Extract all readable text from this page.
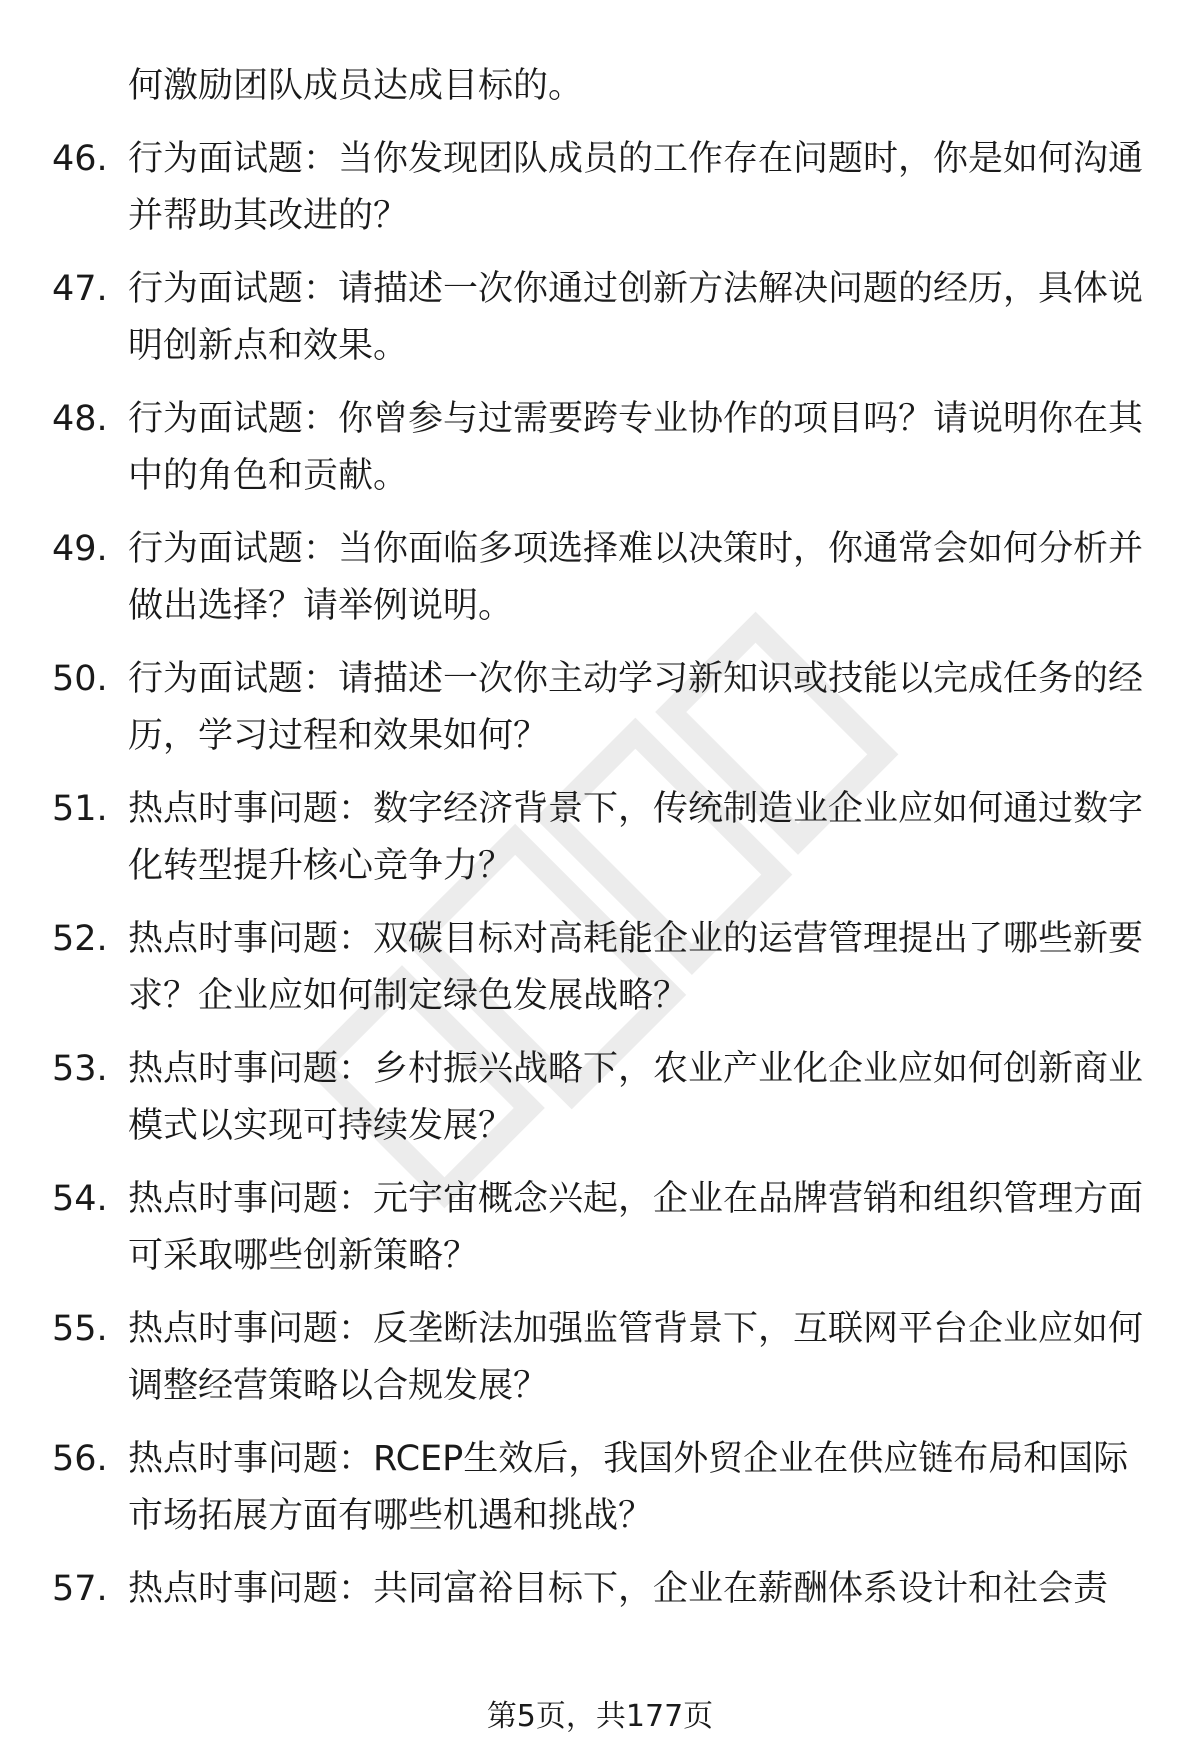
何激励团队成员达成目标的。
46. 行为面试题：当你发现团队成员的工作存在问题时，你是如何沟通并帮助其改进的？
47. 行为面试题：请描述一次你通过创新方法解决问题的经历，具体说明创新点和效果。
48. 行为面试题：你曾参与过需要跨专业协作的项目吗？请说明你在其中的角色和贡献。
49. 行为面试题：当你面临多项选择难以决策时，你通常会如何分析并做出选择？请举例说明。
50. 行为面试题：请描述一次你主动学习新知识或技能以完成任务的经历，学习过程和效果如何？
51. 热点时事问题：数字经济背景下，传统制造业企业应如何通过数字化转型提升核心竞争力？
52. 热点时事问题：双碳目标对高耗能企业的运营管理提出了哪些新要求？企业应如何制定绿色发展战略？
53. 热点时事问题：乡村振兴战略下，农业产业化企业应如何创新商业模式以实现可持续发展？
54. 热点时事问题：元宇宙概念兴起，企业在品牌营销和组织管理方面可采取哪些创新策略？
55. 热点时事问题：反垄断法加强监管背景下，互联网平台企业应如何调整经营策略以合规发展？
56. 热点时事问题：RCEP生效后，我国外贸企业在供应链布局和国际市场拓展方面有哪些机遇和挑战？
57. 热点时事问题：共同富裕目标下，企业在薪酬体系设计和社会责
第5页，共177页
